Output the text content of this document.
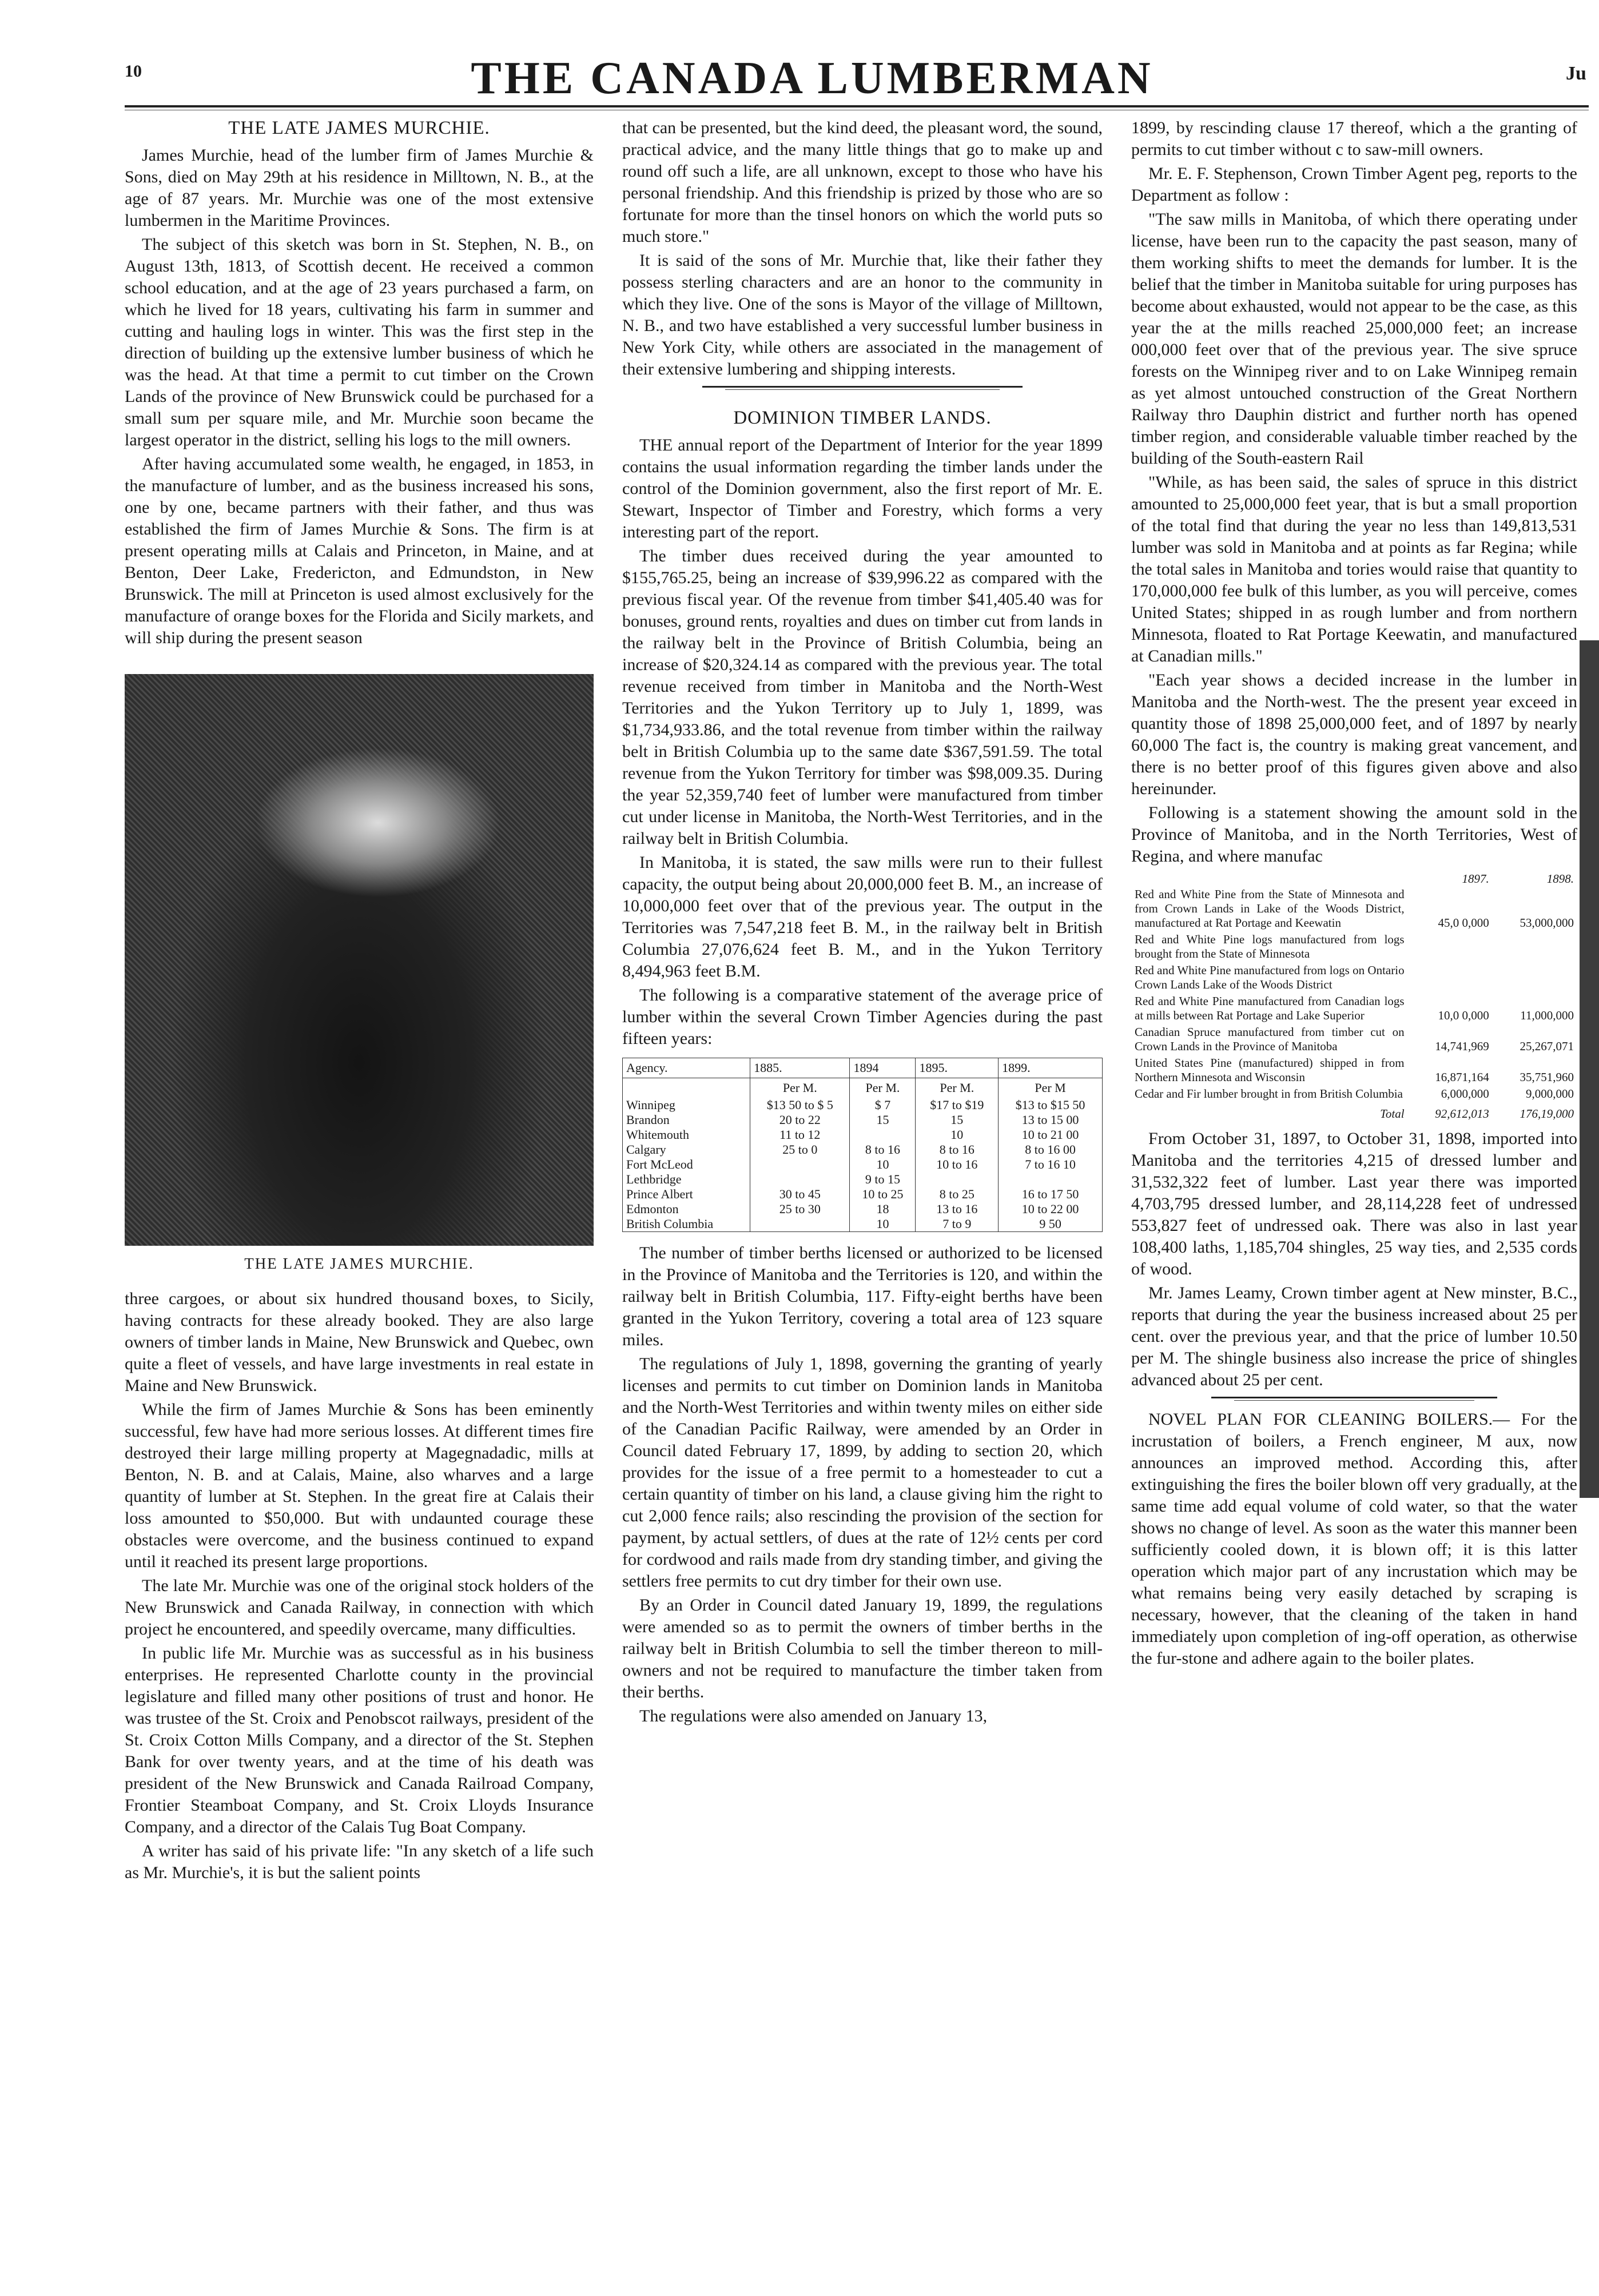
10	THE CANADA LUMBERMAN	Ju
THE LATE JAMES MURCHIE.

James Murchie, head of the lumber firm of James Murchie & Sons, died on May 29th at his residence in Milltown, N. B., at the age of 87 years. Mr. Murchie was one of the most extensive lumbermen in the Maritime Provinces.

The subject of this sketch was born in St. Stephen, N. B., on August 13th, 1813, of Scottish decent. He received a common school education, and at the age of 23 years purchased a farm, on which he lived for 18 years, cultivating his farm in summer and cutting and hauling logs in winter. This was the first step in the direction of building up the extensive lumber business of which he was the head. At that time a permit to cut timber on the Crown Lands of the province of New Brunswick could be purchased for a small sum per square mile, and Mr. Murchie soon became the largest operator in the district, selling his logs to the mill owners.

After having accumulated some wealth, he engaged, in 1853, in the manufacture of lumber, and as the business increased his sons, one by one, became partners with their father, and thus was established the firm of James Murchie & Sons. The firm is at present operating mills at Calais and Princeton, in Maine, and at Benton, Deer Lake, Fredericton, and Edmundston, in New Brunswick. The mill at Princeton is used almost exclusively for the manufacture of orange boxes for the Florida and Sicily markets, and will ship during the present season

THE LATE JAMES MURCHIE.

three cargoes, or about six hundred thousand boxes, to Sicily, having contracts for these already booked. They are also large owners of timber lands in Maine, New Brunswick and Quebec, own quite a fleet of vessels, and have large investments in real estate in Maine and New Brunswick.

While the firm of James Murchie & Sons has been eminently successful, few have had more serious losses. At different times fire destroyed their large milling property at Magegnadadic, mills at Benton, N. B. and at Calais, Maine, also wharves and a large quantity of lumber at St. Stephen. In the great fire at Calais their loss amounted to $50,000. But with undaunted courage these obstacles were overcome, and the business continued to expand until it reached its present large proportions.

The late Mr. Murchie was one of the original stock holders of the New Brunswick and Canada Railway, in connection with which project he encountered, and speedily overcame, many difficulties.

In public life Mr. Murchie was as successful as in his business enterprises. He represented Charlotte county in the provincial legislature and filled many other positions of trust and honor. He was trustee of the St. Croix and Penobscot railways, president of the St. Croix Cotton Mills Company, and a director of the St. Stephen Bank for over twenty years, and at the time of his death was president of the New Brunswick and Canada Railroad Company, Frontier Steamboat Company, and St. Croix Lloyds Insurance Company, and a director of the Calais Tug Boat Company.

A writer has said of his private life: "In any sketch of a life such as Mr. Murchie's, it is but the salient points

that can be presented, but the kind deed, the pleasant word, the sound, practical advice, and the many little things that go to make up and round off such a life, are all unknown, except to those who have his personal friendship. And this friendship is prized by those who are so fortunate for more than the tinsel honors on which the world puts so much store."

It is said of the sons of Mr. Murchie that, like their father they possess sterling characters and are an honor to the community in which they live. One of the sons is Mayor of the village of Milltown, N. B., and two have established a very successful lumber business in New York City, while others are associated in the management of their extensive lumbering and shipping interests.

DOMINION TIMBER LANDS.

THE annual report of the Department of Interior for the year 1899 contains the usual information regarding the timber lands under the control of the Dominion government, also the first report of Mr. E. Stewart, Inspector of Timber and Forestry, which forms a very interesting part of the report.

The timber dues received during the year amounted to $155,765.25, being an increase of $39,996.22 as compared with the previous fiscal year. Of the revenue from timber $41,405.40 was for bonuses, ground rents, royalties and dues on timber cut from lands in the railway belt in the Province of British Columbia, being an increase of $20,324.14 as compared with the previous year. The total revenue received from timber in Manitoba and the North-West Territories and the Yukon Territory up to July 1, 1899, was $1,734,933.86, and the total revenue from timber within the railway belt in British Columbia up to the same date $367,591.59. The total revenue from the Yukon Territory for timber was $98,009.35. During the year 52,359,740 feet of lumber were manufactured from timber cut under license in Manitoba, the North-West Territories, and in the railway belt in British Columbia.

In Manitoba, it is stated, the saw mills were run to their fullest capacity, the output being about 20,000,000 feet B. M., an increase of 10,000,000 feet over that of the previous year. The output in the Territories was 7,547,218 feet B. M., in the railway belt in British Columbia 27,076,624 feet B. M., and in the Yukon Territory 8,494,963 feet B.M.

The following is a comparative statement of the average price of lumber within the several Crown Timber Agencies during the past fifteen years:

Agency.	1885.	1894	1895.	1899.
	Per M.	Per M.	Per M.	Per M
Winnipeg	$13 50 to $ 5	$ 7	$17 to $19	$13 to $15 50
Brandon	20 to 22	15	15	13 to 15 00
Whitemouth	11 to 12		10	10 to 21 00
Calgary	25 to 0	8 to 16	8 to 16	8 to 16 00
Fort McLeod		10	10 to 16	7 to 16 10
Lethbridge		9 to 15		
Prince Albert	30 to 45	10 to 25	8 to 25	16 to 17 50
Edmonton	25 to 30	18	13 to 16	10 to 22 00
British Columbia		10	7 to 9	9 50

The number of timber berths licensed or authorized to be licensed in the Province of Manitoba and the Territories is 120, and within the railway belt in British Columbia, 117. Fifty-eight berths have been granted in the Yukon Territory, covering a total area of 123 square miles.

The regulations of July 1, 1898, governing the granting of yearly licenses and permits to cut timber on Dominion lands in Manitoba and the North-West Territories and within twenty miles on either side of the Canadian Pacific Railway, were amended by an Order in Council dated February 17, 1899, by adding to section 20, which provides for the issue of a free permit to a homesteader to cut a certain quantity of timber on his land, a clause giving him the right to cut 2,000 fence rails; also rescinding the provision of the section for payment, by actual settlers, of dues at the rate of 12½ cents per cord for cordwood and rails made from dry standing timber, and giving the settlers free permits to cut dry timber for their own use.

By an Order in Council dated January 19, 1899, the regulations were amended so as to permit the owners of timber berths in the railway belt in British Columbia to sell the timber thereon to mill-owners and not be required to manufacture the timber taken from their berths.

The regulations were also amended on January 13,

1899, by rescinding clause 17 thereof, which a the granting of permits to cut timber without c to saw-mill owners.

Mr. E. F. Stephenson, Crown Timber Agent peg, reports to the Department as follow :

"The saw mills in Manitoba, of which there operating under license, have been run to the capacity the past season, many of them working shifts to meet the demands for lumber. It is the belief that the timber in Manitoba suitable for uring purposes has become about exhausted, would not appear to be the case, as this year the at the mills reached 25,000,000 feet; an increase 000,000 feet over that of the previous year. The sive spruce forests on the Winnipeg river and to on Lake Winnipeg remain as yet almost untouched construction of the Great Northern Railway thro Dauphin district and further north has opened timber region, and considerable valuable timber reached by the building of the South-eastern Rail

"While, as has been said, the sales of spruce in this district amounted to 25,000,000 feet year, that is but a small proportion of the total find that during the year no less than 149,813,531 lumber was sold in Manitoba and at points as far Regina; while the total sales in Manitoba and tories would raise that quantity to 170,000,000 fee bulk of this lumber, as you will perceive, comes United States; shipped in as rough lumber and from northern Minnesota, floated to Rat Portage Keewatin, and manufactured at Canadian mills."

"Each year shows a decided increase in the lumber in Manitoba and the North-west. The the present year exceed in quantity those of 1898 25,000,000 feet, and of 1897 by nearly 60,000 The fact is, the country is making great vancement, and there is no better proof of this figures given above and also hereinunder.

Following is a statement showing the amount sold in the Province of Manitoba, and in the North Territories, West of Regina, and where manufac

	1897.	1898.
Red and White Pine from the State of Minnesota and from Crown Lands in Lake of the Woods District, manufactured at Rat Portage and Keewatin	45,0 0,000	53,000,000
Red and White Pine logs manufactured from logs brought from the State of Minnesota		
Red and White Pine manufactured from logs on Ontario Crown Lands Lake of the Woods District		
Red and White Pine manufactured from Canadian logs at mills between Rat Portage and Lake Superior	10,0 0,000	11,000,000
Canadian Spruce manufactured from timber cut on Crown Lands in the Province of Manitoba	14,741,969	25,267,071
United States Pine (manufactured) shipped in from Northern Minnesota and Wisconsin	16,871,164	35,751,960
Cedar and Fir lumber brought in from British Columbia	6,000,000	9,000,000
Total	92,612,013	176,19,000

From October 31, 1897, to October 31, 1898, imported into Manitoba and the territories 4,215 of dressed lumber and 31,532,322 feet of lumber. Last year there was imported 4,703,795 dressed lumber, and 28,114,228 feet of undressed 553,827 feet of undressed oak. There was also in last year 108,400 laths, 1,185,704 shingles, 25 way ties, and 2,535 cords of wood.

Mr. James Leamy, Crown timber agent at New minster, B.C., reports that during the year the business increased about 25 per cent. over the previous year, and that the price of lumber 10.50 per M. The shingle business also increase the price of shingles advanced about 25 per cent.

NOVEL PLAN FOR CLEANING BOILERS.— For the incrustation of boilers, a French engineer, M aux, now announces an improved method. According this, after extinguishing the fires the boiler blown off very gradually, at the same time add equal volume of cold water, so that the water shows no change of level. As soon as the water this manner been sufficiently cooled down, it is blown off; it is this latter operation which major part of any incrustation which may be what remains being very easily detached by scraping is necessary, however, that the cleaning of the taken in hand immediately upon completion of ing-off operation, as otherwise the fur-stone and adhere again to the boiler plates.
